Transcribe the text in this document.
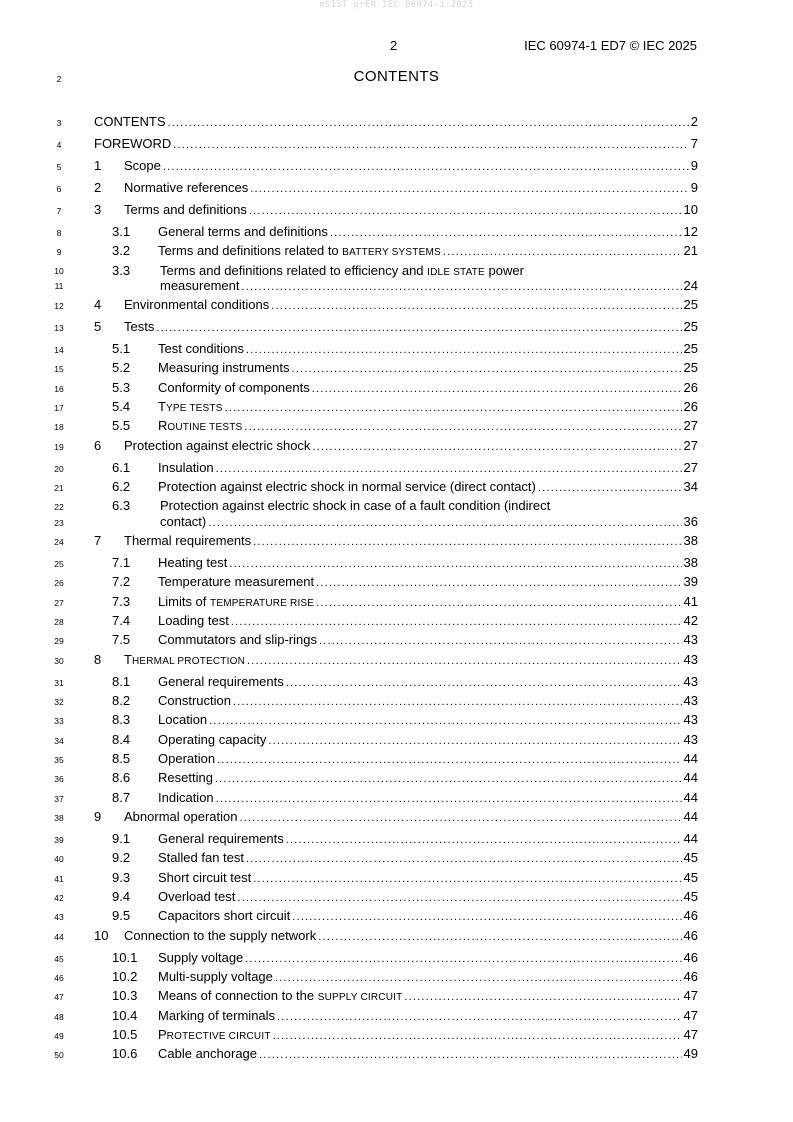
oSIST prEN IEC 60974-1:2025
2	IEC 60974-1 ED7 © IEC 2025
2	CONTENTS
3
4
5
6
7
8
9
10
11
12
13
14
15
16
17
18
19
20
21
22
23
24
25
26
27
28
29
30
31
32
33
34
35
36
37
38
39
40
41
42
43
44
45
46
47
48
49
50
CONTENTS .....	2
FOREWORD .....	7
1	Scope .....	9
2	Normative references .....	9
3	Terms and definitions .....	10
3.1	General terms and definitions .....	12
3.2	Terms and definitions related to BATTERY SYSTEMS .....	21
3.3 Terms and definitions related to efficiency and IDLE STATE power
measurement .....	24
4	Environmental conditions .....	25
5	Tests .....	25
5.1	Test conditions .....	25
5.2	Measuring instruments .....	25
5.3	Conformity of components .....	26
5.4	TYPE TESTS .....	26
5.5	ROUTINE TESTS .....	27
6	Protection against electric shock .....	27
6.1	Insulation .....	27
6.2	Protection against electric shock in normal service (direct contact) .....	34
6.3 Protection against electric shock in case of a fault condition (indirect
contact) .....	36
7	Thermal requirements .....	38
7.1	Heating test .....	38
7.2	Temperature measurement .....	39
7.3	Limits of TEMPERATURE RISE .....	41
7.4	Loading test .....	42
7.5	Commutators and slip-rings .....	43
8	THERMAL PROTECTION .....	43
8.1	General requirements .....	43
8.2	Construction .....	43
8.3	Location .....	43
8.4	Operating capacity .....	43
8.5	Operation .....	44
8.6	Resetting .....	44
8.7	Indication .....	44
9	Abnormal operation .....	44
9.1	General requirements .....	44
9.2	Stalled fan test .....	45
9.3	Short circuit test .....	45
9.4	Overload test .....	45
9.5	Capacitors short circuit .....	46
10	Connection to the supply network .....	46
10.1	Supply voltage .....	46
10.2	Multi-supply voltage .....	46
10.3	Means of connection to the SUPPLY CIRCUIT .....	47
10.4	Marking of terminals .....	47
10.5	PROTECTIVE CIRCUIT .....	47
10.6	Cable anchorage .....	49
